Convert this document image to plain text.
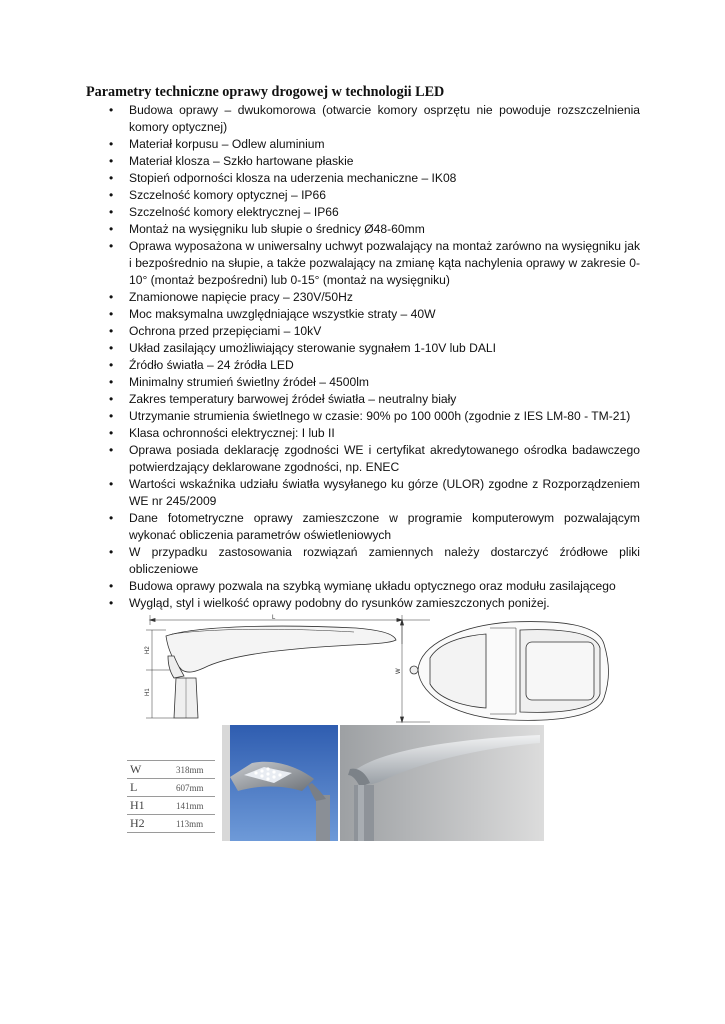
Parametry techniczne oprawy drogowej w technologii LED
• Budowa oprawy – dwukomorowa (otwarcie komory osprzętu nie powoduje rozszczelnienia komory optycznej)
• Materiał korpusu – Odlew aluminium
• Materiał klosza – Szkło hartowane płaskie
• Stopień odporności klosza na uderzenia mechaniczne – IK08
• Szczelność komory optycznej – IP66
• Szczelność komory elektrycznej – IP66
• Montaż na wysięgniku lub słupie o średnicy Ø48-60mm
• Oprawa wyposażona w uniwersalny uchwyt pozwalający na montaż zarówno na wysięgniku jak i bezpośrednio na słupie, a także pozwalający na zmianę kąta nachylenia oprawy w zakresie 0-10° (montaż bezpośredni) lub 0-15° (montaż na wysięgniku)
• Znamionowe napięcie pracy – 230V/50Hz
• Moc maksymalna uwzględniające wszystkie straty – 40W
• Ochrona przed przepięciami – 10kV
• Układ zasilający umożliwiający sterowanie sygnałem 1-10V lub DALI
• Źródło światła – 24 źródła LED
• Minimalny strumień świetlny źródeł – 4500lm
• Zakres temperatury barwowej źródeł światła – neutralny biały
• Utrzymanie strumienia świetlnego w czasie: 90% po 100 000h (zgodnie z IES LM-80 - TM-21)
• Klasa ochronności elektrycznej: I lub II
• Oprawa posiada deklarację zgodności WE i certyfikat akredytowanego ośrodka badawczego potwierdzający deklarowane zgodności, np. ENEC
• Wartości wskaźnika udziału światła wysyłanego ku górze (ULOR) zgodne z Rozporządzeniem WE nr 245/2009
• Dane fotometryczne oprawy zamieszczone w programie komputerowym pozwalającym wykonać obliczenia parametrów oświetleniowych
• W przypadku zastosowania rozwiązań zamiennych należy dostarczyć źródłowe pliki obliczeniowe
• Budowa oprawy pozwala na szybką wymianę układu optycznego oraz modułu zasilającego
• Wygląd, styl i wielkość oprawy podobny do rysunków zamieszczonych poniżej.
L
H2
H1
W
W	318mm
L	607mm
H1	141mm
H2	113mm
